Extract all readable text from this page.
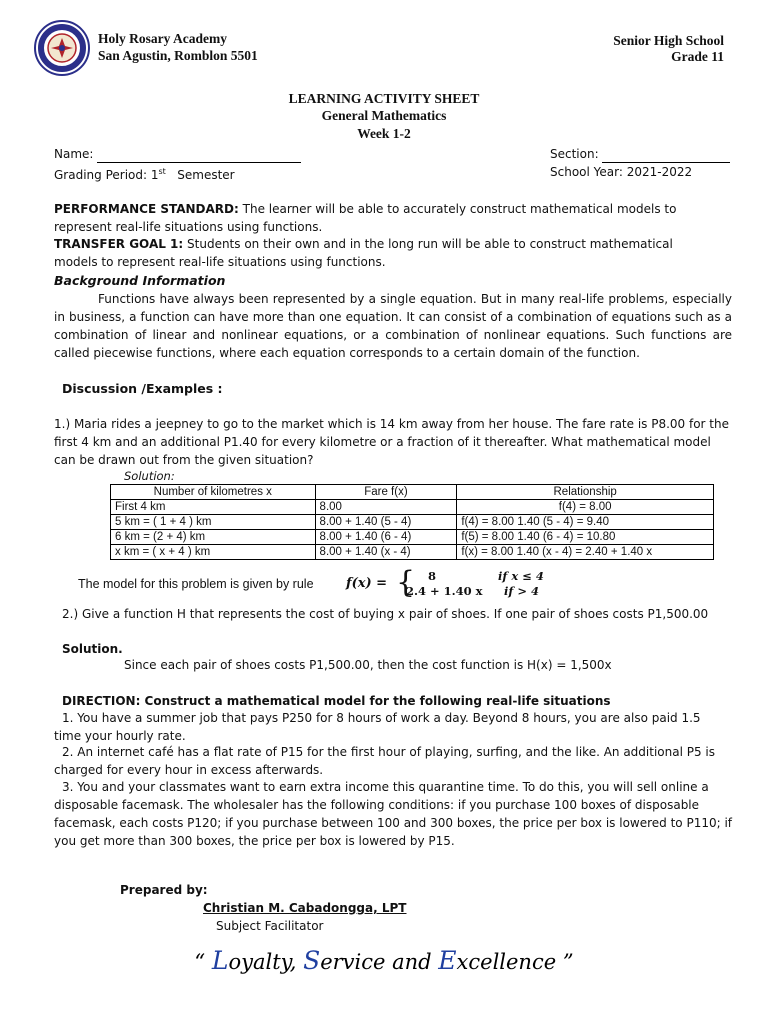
Holy Rosary Academy
San Agustin, Romblon 5501
Senior High School
Grade 11
LEARNING ACTIVITY SHEET
General Mathematics
Week 1-2
Name:	Section:
Grading Period: 1st Semester	School Year: 2021-2022
PERFORMANCE STANDARD: The learner will be able to accurately construct mathematical models to represent real-life situations using functions.
TRANSFER GOAL 1: Students on their own and in the long run will be able to construct mathematical models to represent real-life situations using functions.
Background Information
Functions have always been represented by a single equation. But in many real-life problems, especially in business, a function can have more than one equation. It can consist of a combination of equations such as a combination of linear and nonlinear equations, or a combination of nonlinear equations. Such functions are called piecewise functions, where each equation corresponds to a certain domain of the function.
Discussion /Examples :
1.) Maria rides a jeepney to go to the market which is 14 km away from her house. The fare rate is P8.00 for the first 4 km and an additional P1.40 for every kilometre or a fraction of it thereafter. What mathematical model can be drawn out from the given situation?
Solution:
Number of kilometres x	Fare f(x)	Relationship
First 4 km	8.00	f(4) = 8.00
5 km = ( 1 + 4 ) km	8.00 + 1.40 (5 - 4)	f(4) = 8.00 1.40 (5 - 4) = 9.40
6 km = (2 + 4) km	8.00 + 1.40 (6 - 4)	f(5) = 8.00 1.40 (6 - 4) = 10.80
x km = ( x + 4 ) km	8.00 + 1.40 (x - 4)	f(x) = 8.00 1.40 (x - 4) = 2.40 + 1.40 x
The model for this problem is given by rule f(x) = { 8	if x ≤ 4
2.4 + 1.40 x if > 4
2.) Give a function H that represents the cost of buying x pair of shoes. If one pair of shoes costs P1,500.00
Solution.
Since each pair of shoes costs P1,500.00, then the cost function is H(x) = 1,500x
DIRECTION: Construct a mathematical model for the following real-life situations
1. You have a summer job that pays P250 for 8 hours of work a day. Beyond 8 hours, you are also paid 1.5 time your hourly rate.
2. An internet café has a flat rate of P15 for the first hour of playing, surfing, and the like. An additional P5 is charged for every hour in excess afterwards.
3. You and your classmates want to earn extra income this quarantine time. To do this, you will sell online a disposable facemask. The wholesaler has the following conditions: if you purchase 100 boxes of disposable facemask, each costs P120; if you purchase between 100 and 300 boxes, the price per box is lowered to P110; if you get more than 300 boxes, the price per box is lowered by P15.
Prepared by:
Christian M. Cabadongga, LPT
Subject Facilitator
“ Loyalty, Service and Excellence ”
